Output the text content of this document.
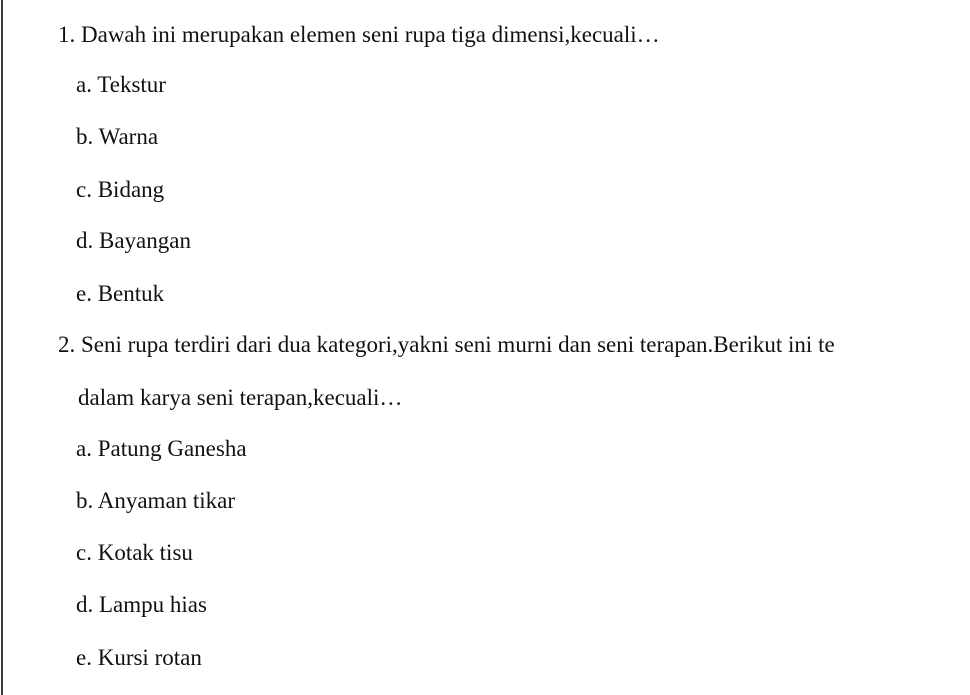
1. Dawah ini merupakan elemen seni rupa tiga dimensi,kecuali…
a. Tekstur
b. Warna
c. Bidang
d. Bayangan
e. Bentuk
2. Seni rupa terdiri dari dua kategori,yakni seni murni dan seni terapan.Berikut ini te
dalam karya seni terapan,kecuali…
a. Patung Ganesha
b. Anyaman tikar
c. Kotak tisu
d. Lampu hias
e. Kursi rotan
